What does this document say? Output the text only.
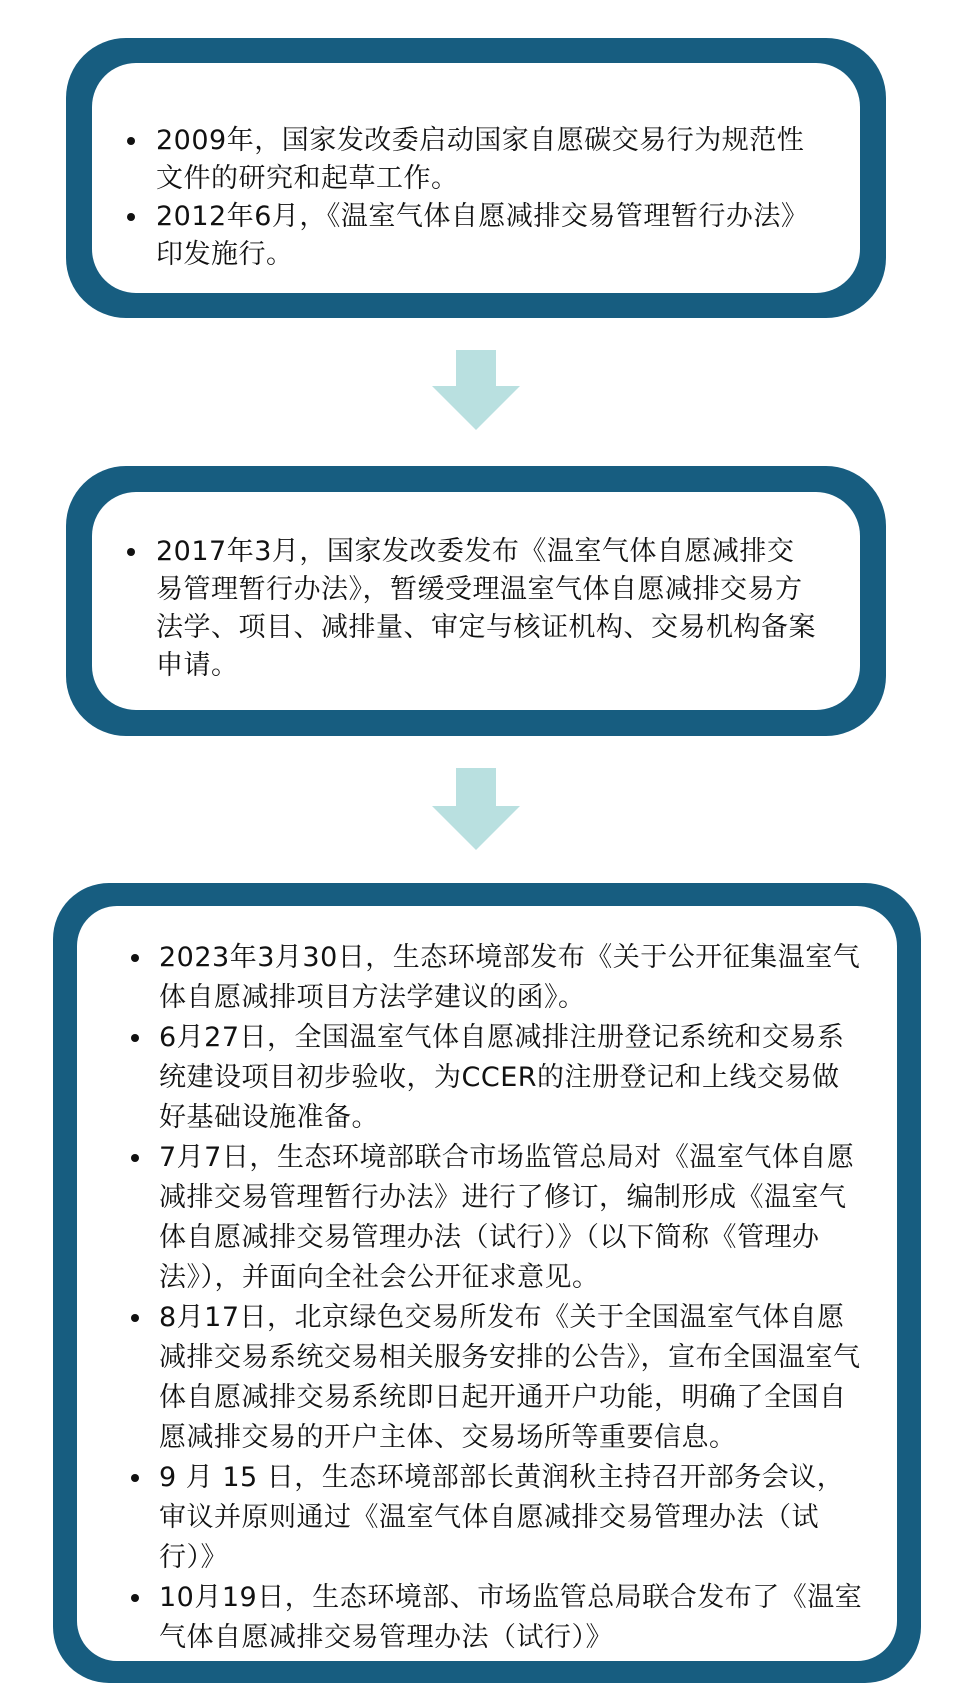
2009年，国家发改委启动国家自愿碳交易行为规范性文件的研究和起草工作。
2012年6月，《温室气体自愿减排交易管理暂行办法》印发施行。
2017年3月，国家发改委发布《温室气体自愿减排交易管理暂行办法》，暂缓受理温室气体自愿减排交易方法学、项目、减排量、审定与核证机构、交易机构备案申请。
2023年3月30日，生态环境部发布《关于公开征集温室气体自愿减排项目方法学建议的函》。
6月27日，全国温室气体自愿减排注册登记系统和交易系统建设项目初步验收，为CCER的注册登记和上线交易做好基础设施准备。
7月7日，生态环境部联合市场监管总局对《温室气体自愿减排交易管理暂行办法》进行了修订，编制形成《温室气体自愿减排交易管理办法（试行）》（以下简称《管理办法》），并面向全社会公开征求意见。
8月17日，北京绿色交易所发布《关于全国温室气体自愿减排交易系统交易相关服务安排的公告》，宣布全国温室气体自愿减排交易系统即日起开通开户功能，明确了全国自愿减排交易的开户主体、交易场所等重要信息。
9 月 15 日，生态环境部部长黄润秋主持召开部务会议，审议并原则通过《温室气体自愿减排交易管理办法（试行）》
10月19日，生态环境部、市场监管总局联合发布了《温室气体自愿减排交易管理办法（试行）》
